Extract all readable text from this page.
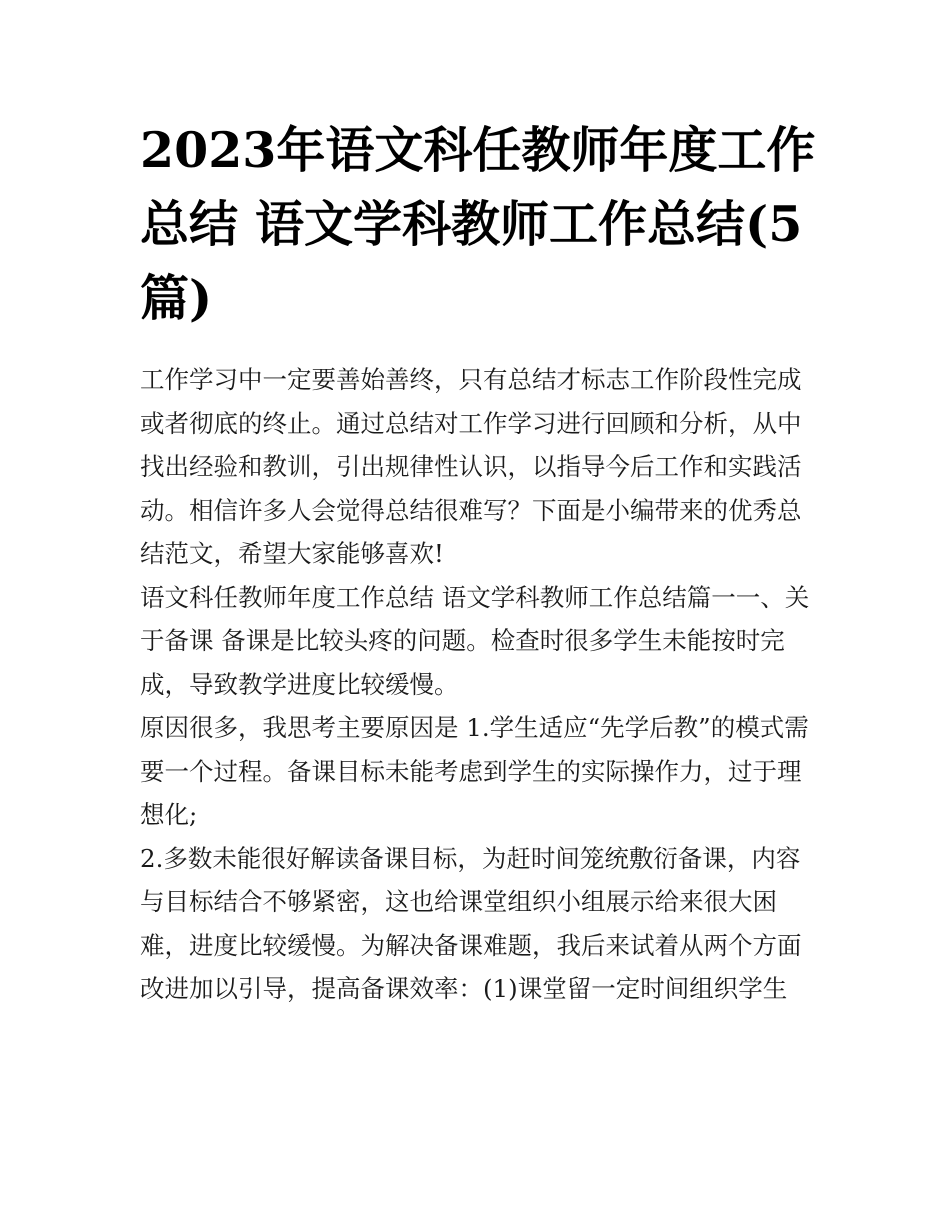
2023年语文科任教师年度工作总结 语文学科教师工作总结(5篇)

工作学习中一定要善始善终，只有总结才标志工作阶段性完成或者彻底的终止。通过总结对工作学习进行回顾和分析，从中找出经验和教训，引出规律性认识，以指导今后工作和实践活动。相信许多人会觉得总结很难写？下面是小编带来的优秀总结范文，希望大家能够喜欢!

语文科任教师年度工作总结 语文学科教师工作总结篇一一、关于备课 备课是比较头疼的问题。检查时很多学生未能按时完成，导致教学进度比较缓慢。

原因很多，我思考主要原因是 1.学生适应“先学后教”的模式需要一个过程。备课目标未能考虑到学生的实际操作力，过于理想化;

2.多数未能很好解读备课目标，为赶时间笼统敷衍备课，内容与目标结合不够紧密，这也给课堂组织小组展示给来很大困难，进度比较缓慢。为解决备课难题，我后来试着从两个方面改进加以引导，提高备课效率：(1)课堂留一定时间组织学生
